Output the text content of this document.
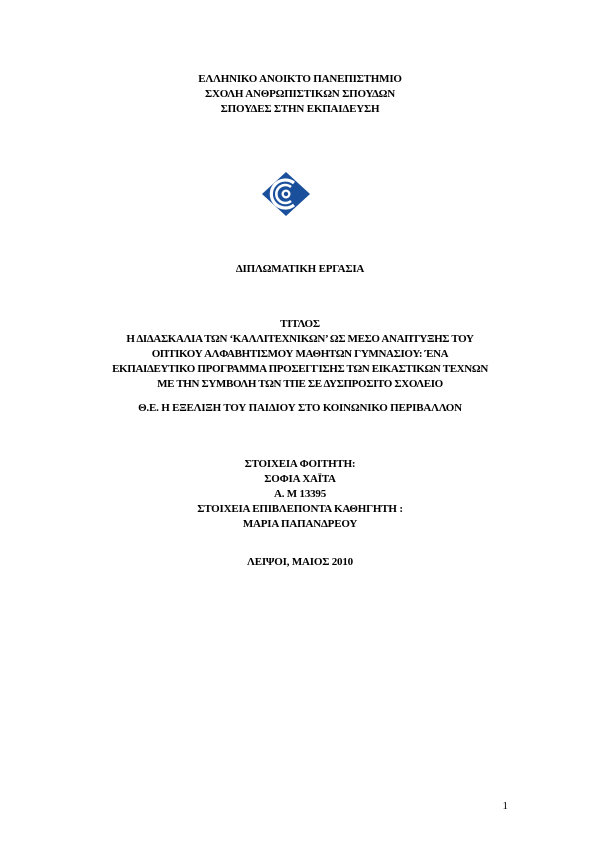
ΕΛΛΗΝΙΚΟ ΑΝΟΙΚΤΟ ΠΑΝΕΠΙΣΤΗΜΙΟ
ΣΧΟΛΗ ΑΝΘΡΩΠΙΣΤΙΚΩΝ ΣΠΟΥΔΩΝ
ΣΠΟΥΔΕΣ ΣΤΗΝ ΕΚΠΑΙΔΕΥΣΗ
ΔΙΠΛΩΜΑΤΙΚΗ ΕΡΓΑΣΙΑ
ΤΙΤΛΟΣ
Η ΔΙΔΑΣΚΑΛΙΑ ΤΩΝ ‘ΚΑΛΛΙΤΕΧΝΙΚΩΝ’ ΩΣ ΜΕΣΟ ΑΝΑΠΤΥΞΗΣ ΤΟΥ
ΟΠΤΙΚΟΥ ΑΛΦΑΒΗΤΙΣΜΟΥ ΜΑΘΗΤΩΝ ΓΥΜΝΑΣΙΟΥ: ΈΝΑ
ΕΚΠΑΙΔΕΥΤΙΚΟ ΠΡΟΓΡΑΜΜΑ ΠΡΟΣΕΓΓΙΣΗΣ ΤΩΝ ΕΙΚΑΣΤΙΚΩΝ ΤΕΧΝΩΝ
ΜΕ ΤΗΝ ΣΥΜΒΟΛΗ ΤΩΝ ΤΠΕ ΣΕ ΔΥΣΠΡΟΣΙΤΟ ΣΧΟΛΕΙΟ
Θ.Ε. Η ΕΞΕΛΙΞΗ ΤΟΥ ΠΑΙΔΙΟΥ ΣΤΟ ΚΟΙΝΩΝΙΚΟ ΠΕΡΙΒΑΛΛΟΝ
ΣΤΟΙΧΕΙΑ ΦΟΙΤΗΤΗ:
ΣΟΦΙΑ ΧΑΪΤΑ
Α. Μ 13395
ΣΤΟΙΧΕΙΑ ΕΠΙΒΛΕΠΟΝΤΑ ΚΑΘΗΓΗΤΗ :
ΜΑΡΙΑ ΠΑΠΑΝΔΡΕΟΥ
ΛΕΙΨΟΙ, ΜΑΙΟΣ 2010
1
